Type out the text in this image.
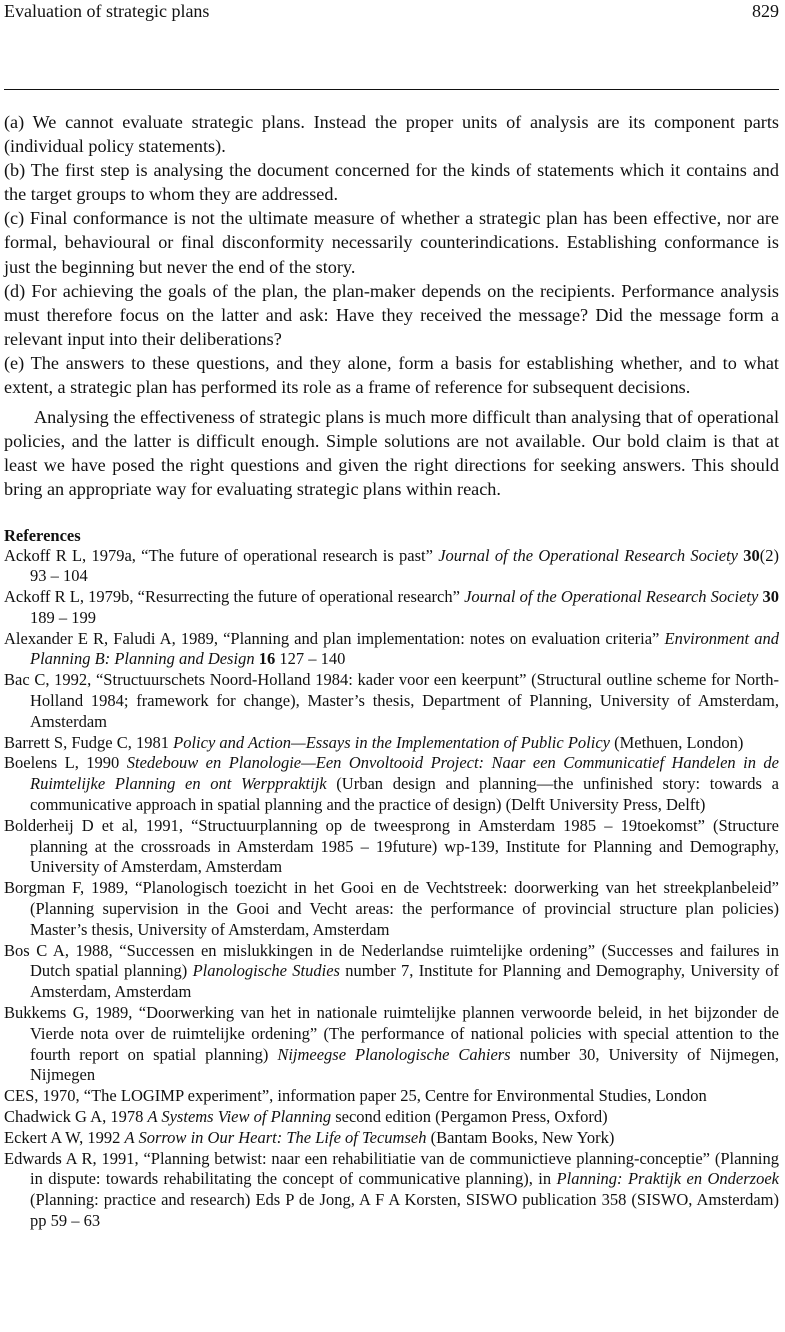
Evaluation of strategic plans	829

(a) We cannot evaluate strategic plans. Instead the proper units of analysis are its component parts (individual policy statements).

(b) The first step is analysing the document concerned for the kinds of statements which it contains and the target groups to whom they are addressed.

(c) Final conformance is not the ultimate measure of whether a strategic plan has been effective, nor are formal, behavioural or final disconformity necessarily counterindications. Establishing conformance is just the beginning but never the end of the story.

(d) For achieving the goals of the plan, the plan-maker depends on the recipients. Performance analysis must therefore focus on the latter and ask: Have they received the message? Did the message form a relevant input into their deliberations?

(e) The answers to these questions, and they alone, form a basis for establishing whether, and to what extent, a strategic plan has performed its role as a frame of reference for subsequent decisions.

Analysing the effectiveness of strategic plans is much more difficult than analysing that of operational policies, and the latter is difficult enough. Simple solutions are not available. Our bold claim is that at least we have posed the right questions and given the right directions for seeking answers. This should bring an appropriate way for evaluating strategic plans within reach.

References

Ackoff R L, 1979a, “The future of operational research is past” Journal of the Operational Research Society 30(2) 93 – 104

Ackoff R L, 1979b, “Resurrecting the future of operational research” Journal of the Operational Research Society 30 189 – 199

Alexander E R, Faludi A, 1989, “Planning and plan implementation: notes on evaluation criteria” Environment and Planning B: Planning and Design 16 127 – 140

Bac C, 1992, “Structuurschets Noord-Holland 1984: kader voor een keerpunt” (Structural outline scheme for North-Holland 1984; framework for change), Master’s thesis, Department of Planning, University of Amsterdam, Amsterdam

Barrett S, Fudge C, 1981 Policy and Action—Essays in the Implementation of Public Policy (Methuen, London)

Boelens L, 1990 Stedebouw en Planologie—Een Onvoltooid Project: Naar een Communicatief Handelen in de Ruimtelijke Planning en ont Werppraktijk (Urban design and planning—the unfinished story: towards a communicative approach in spatial planning and the practice of design) (Delft University Press, Delft)

Bolderheij D et al, 1991, “Structuurplanning op de tweesprong in Amsterdam 1985 – 19toekomst” (Structure planning at the crossroads in Amsterdam 1985 – 19future) wp-139, Institute for Planning and Demography, University of Amsterdam, Amsterdam

Borgman F, 1989, “Planologisch toezicht in het Gooi en de Vechtstreek: doorwerking van het streekplanbeleid” (Planning supervision in the Gooi and Vecht areas: the performance of provincial structure plan policies) Master’s thesis, University of Amsterdam, Amsterdam

Bos C A, 1988, “Successen en mislukkingen in de Nederlandse ruimtelijke ordening” (Successes and failures in Dutch spatial planning) Planologische Studies number 7, Institute for Planning and Demography, University of Amsterdam, Amsterdam

Bukkems G, 1989, “Doorwerking van het in nationale ruimtelijke plannen verwoorde beleid, in het bijzonder de Vierde nota over de ruimtelijke ordening” (The performance of national policies with special attention to the fourth report on spatial planning) Nijmeegse Planologische Cahiers number 30, University of Nijmegen, Nijmegen

CES, 1970, “The LOGIMP experiment”, information paper 25, Centre for Environmental Studies, London

Chadwick G A, 1978 A Systems View of Planning second edition (Pergamon Press, Oxford)

Eckert A W, 1992 A Sorrow in Our Heart: The Life of Tecumseh (Bantam Books, New York)

Edwards A R, 1991, “Planning betwist: naar een rehabilitiatie van de communictieve planning-conceptie” (Planning in dispute: towards rehabilitating the concept of communicative planning), in Planning: Praktijk en Onderzoek (Planning: practice and research) Eds P de Jong, A F A Korsten, SISWO publication 358 (SISWO, Amsterdam) pp 59 – 63
